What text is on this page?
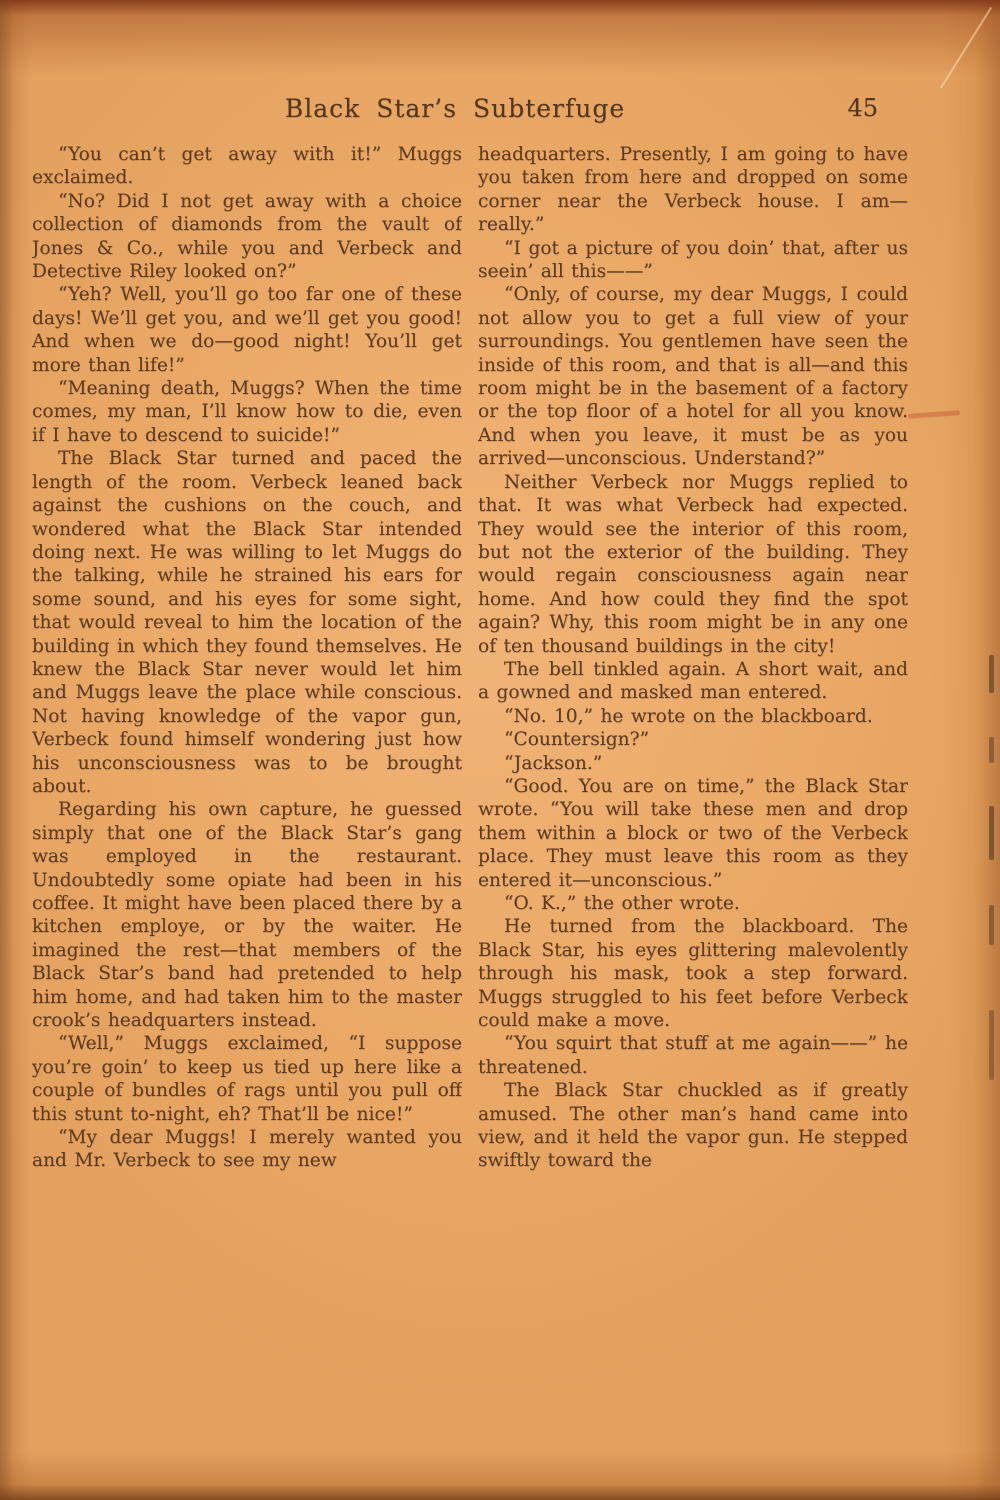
Black Star’s Subterfuge	45

“You can’t get away with it!” Muggs exclaimed.

“No? Did I not get away with a choice collection of diamonds from the vault of Jones & Co., while you and Verbeck and Detective Riley looked on?”

“Yeh? Well, you’ll go too far one of these days! We’ll get you, and we’ll get you good! And when we do—good night! You’ll get more than life!”

“Meaning death, Muggs? When the time comes, my man, I’ll know how to die, even if I have to descend to suicide!”

The Black Star turned and paced the length of the room. Verbeck leaned back against the cushions on the couch, and wondered what the Black Star intended doing next. He was willing to let Muggs do the talking, while he strained his ears for some sound, and his eyes for some sight, that would reveal to him the location of the building in which they found themselves. He knew the Black Star never would let him and Muggs leave the place while conscious. Not having knowledge of the vapor gun, Verbeck found himself wondering just how his unconsciousness was to be brought about.

Regarding his own capture, he guessed simply that one of the Black Star’s gang was employed in the restaurant. Undoubtedly some opiate had been in his coffee. It might have been placed there by a kitchen employe, or by the waiter. He imagined the rest—that members of the Black Star’s band had pretended to help him home, and had taken him to the master crook’s headquarters instead.

“Well,” Muggs exclaimed, “I suppose you’re goin’ to keep us tied up here like a couple of bundles of rags until you pull off this stunt to-night, eh? That’ll be nice!”

“My dear Muggs! I merely wanted you and Mr. Verbeck to see my new

headquarters. Presently, I am going to have you taken from here and dropped on some corner near the Verbeck house. I am—really.”

“I got a picture of you doin’ that, after us seein’ all this——”

“Only, of course, my dear Muggs, I could not allow you to get a full view of your surroundings. You gentlemen have seen the inside of this room, and that is all—and this room might be in the basement of a factory or the top floor of a hotel for all you know. And when you leave, it must be as you arrived—unconscious. Understand?”

Neither Verbeck nor Muggs replied to that. It was what Verbeck had expected. They would see the interior of this room, but not the exterior of the building. They would regain consciousness again near home. And how could they find the spot again? Why, this room might be in any one of ten thousand buildings in the city!

The bell tinkled again. A short wait, and a gowned and masked man entered.

“No. 10,” he wrote on the blackboard.

“Countersign?”

“Jackson.”

“Good. You are on time,” the Black Star wrote. “You will take these men and drop them within a block or two of the Verbeck place. They must leave this room as they entered it—unconscious.”

“O. K.,” the other wrote.

He turned from the blackboard. The Black Star, his eyes glittering malevolently through his mask, took a step forward. Muggs struggled to his feet before Verbeck could make a move.

“You squirt that stuff at me again——” he threatened.

The Black Star chuckled as if greatly amused. The other man’s hand came into view, and it held the vapor gun. He stepped swiftly toward the
